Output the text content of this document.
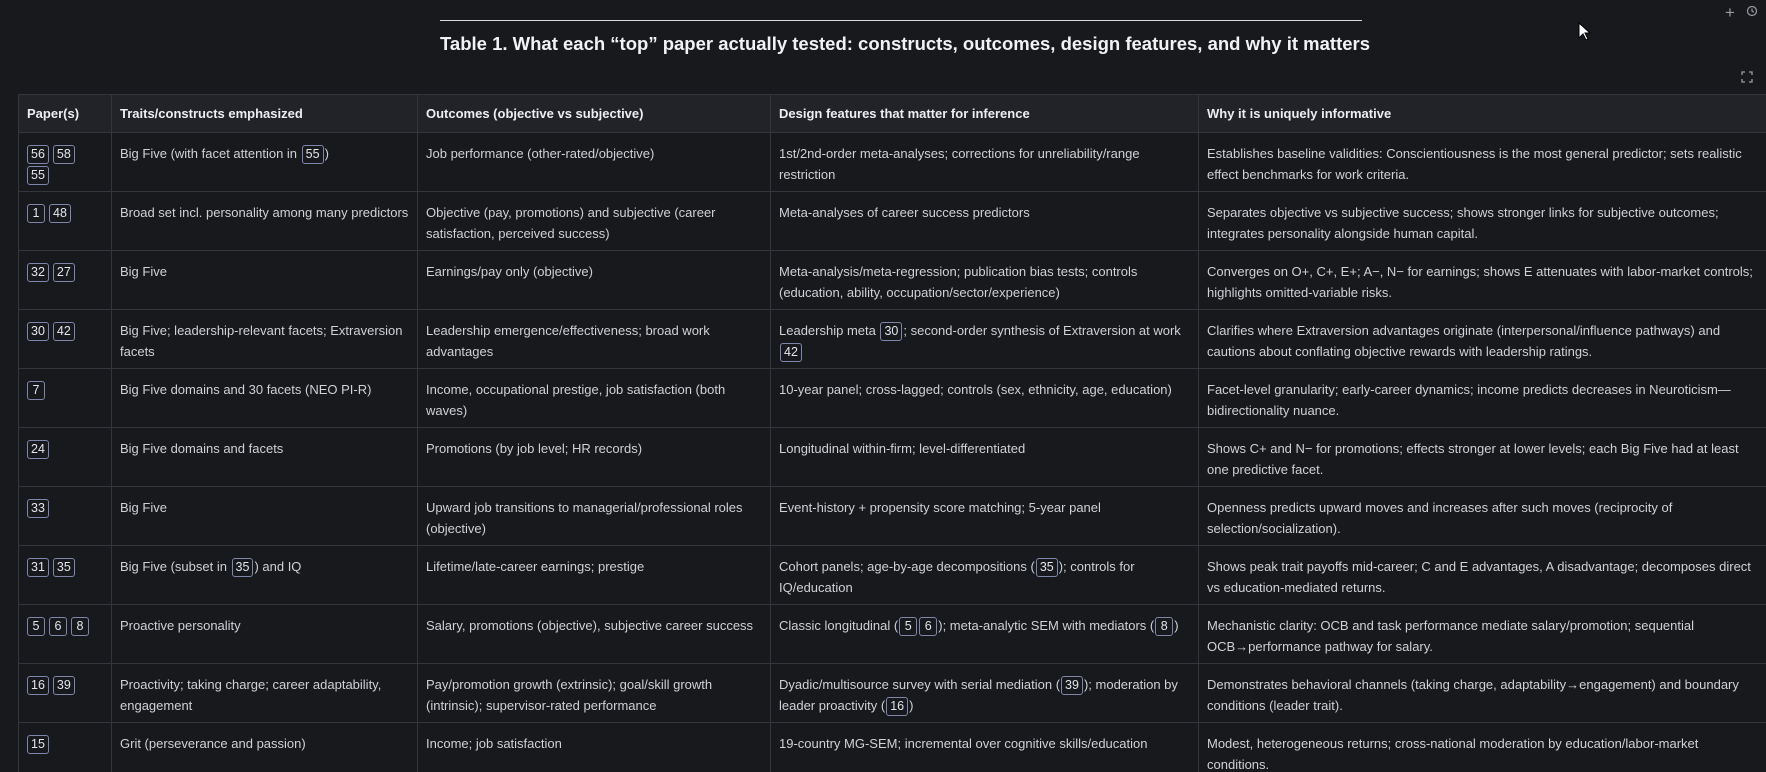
Table 1. What each “top” paper actually tested: constructs, outcomes, design features, and why it matters
+
Paper(s)	Traits/constructs emphasized	Outcomes (objective vs subjective)	Design features that matter for inference	Why it is uniquely informative
56 5855	Big Five (with facet attention in 55 )	Job performance (other-rated/objective)	1st/2nd-order meta-analyses; corrections for unreliability/range restriction	Establishes baseline validities: Conscientiousness is the most general predictor; sets realistic effect benchmarks for work criteria.
1 48	Broad set incl. personality among many predictors	Objective (pay, promotions) and subjective (career satisfaction, perceived success)	Meta-analyses of career success predictors	Separates objective vs subjective success; shows stronger links for subjective outcomes; integrates personality alongside human capital.
32 27	Big Five	Earnings/pay only (objective)	Meta-analysis/meta-regression; publication bias tests; controls (education, ability, occupation/sector/experience)	Converges on O+, C+, E+; A−, N− for earnings; shows E attenuates with labor-market controls; highlights omitted-variable risks.
30 42	Big Five; leadership-relevant facets; Extraversion facets	Leadership emergence/effectiveness; broad work advantages	Leadership meta 30 ; second-order synthesis of Extraversion at work 42	Clarifies where Extraversion advantages originate (interpersonal/influence pathways) and cautions about conflating objective rewards with leadership ratings.
7	Big Five domains and 30 facets (NEO PI-R)	Income, occupational prestige, job satisfaction (both waves)	10-year panel; cross-lagged; controls (sex, ethnicity, age, education)	Facet-level granularity; early-career dynamics; income predicts decreases in Neuroticism—bidirectionality nuance.
24	Big Five domains and facets	Promotions (by job level; HR records)	Longitudinal within-firm; level-differentiated	Shows C+ and N− for promotions; effects stronger at lower levels; each Big Five had at least one predictive facet.
33	Big Five	Upward job transitions to managerial/professional roles (objective)	Event-history + propensity score matching; 5-year panel	Openness predicts upward moves and increases after such moves (reciprocity of selection/socialization).
31 35	Big Five (subset in 35 ) and IQ	Lifetime/late-career earnings; prestige	Cohort panels; age-by-age decompositions ( 35 ); controls for IQ/education	Shows peak trait payoffs mid-career; C and E advantages, A disadvantage; decomposes direct vs education-mediated returns.
5 6 8	Proactive personality	Salary, promotions (objective), subjective career success	Classic longitudinal ( 5 6 ); meta-analytic SEM with mediators ( 8 )	Mechanistic clarity: OCB and task performance mediate salary/promotion; sequential OCB→performance pathway for salary.
16 39	Proactivity; taking charge; career adaptability, engagement	Pay/promotion growth (extrinsic); goal/skill growth (intrinsic); supervisor-rated performance	Dyadic/multisource survey with serial mediation ( 39 ); moderation by leader proactivity ( 16 )	Demonstrates behavioral channels (taking charge, adaptability→engagement) and boundary conditions (leader trait).
15	Grit (perseverance and passion)	Income; job satisfaction	19-country MG-SEM; incremental over cognitive skills/education	Modest, heterogeneous returns; cross-national moderation by education/labor-market conditions.
